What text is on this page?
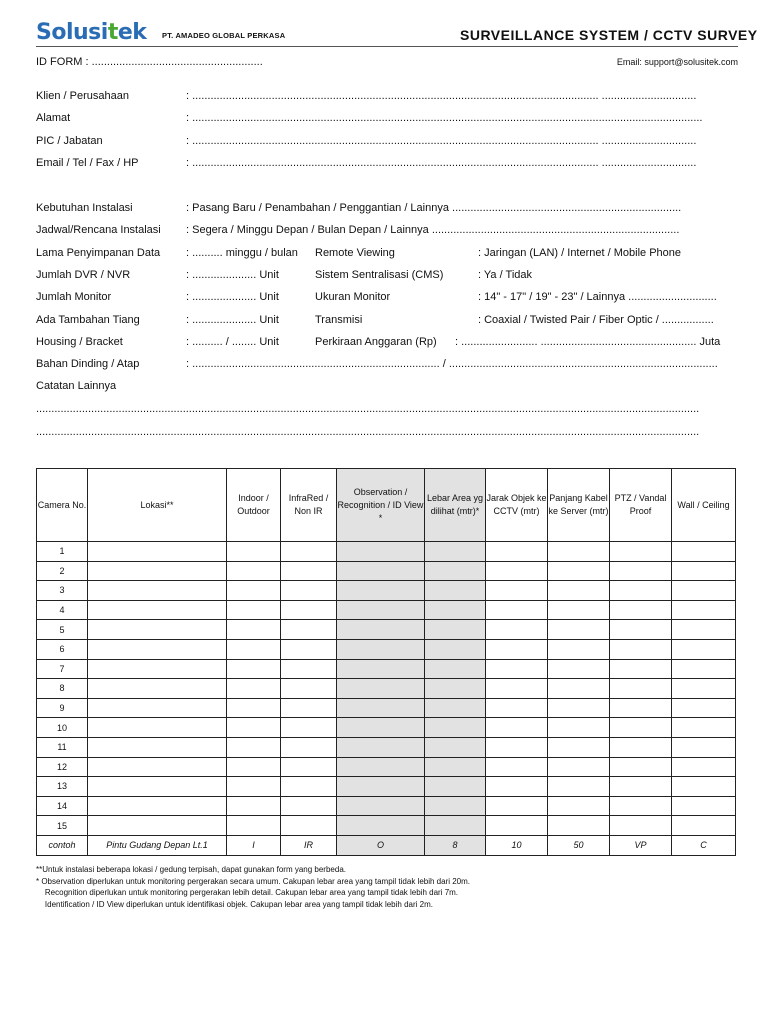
Solusitek PT. AMADEO GLOBAL PERKASA	SURVEILLANCE SYSTEM / CCTV SURVEY
ID FORM : ........................................................	Email: support@solusitek.com
Klien / Perusahaan	: ..................................................................................................................................... ...............................
Alamat	: .......................................................................................................................................................................
PIC / Jabatan	: ..................................................................................................................................... ...............................
Email / Tel / Fax / HP	: ..................................................................................................................................... ...............................
Kebutuhan Instalasi	: Pasang Baru / Penambahan / Penggantian / Lainnya ...........................................................................
Jadwal/Rencana Instalasi : Segera / Minggu Depan / Bulan Depan / Lainnya .................................................................................
Lama Penyimpanan Data : .......... minggu / bulan Remote Viewing	: Jaringan (LAN) / Internet / Mobile Phone
Jumlah DVR / NVR	: ..................... Unit	Sistem Sentralisasi (CMS)	: Ya / Tidak
Jumlah Monitor	: ..................... Unit	Ukuran Monitor	: 14" - 17" / 19" - 23" / Lainnya .............................
Ada Tambahan Tiang	: ..................... Unit	Transmisi	: Coaxial / Twisted Pair / Fiber Optic / .................
Housing / Bracket	: .......... / ........ Unit	Perkiraan Anggaran (Rp) : ......................... ................................................... Juta
Bahan Dinding / Atap	: ................................................................................. / ........................................................................................
Catatan Lainnya
.........................................................................................................................................................................................................................
.........................................................................................................................................................................................................................
Camera No.	Lokasi**	Indoor / Outdoor	InfraRed / Non IR	Observation / Recognition / ID View *	Lebar Area yg dilihat (mtr)*	Jarak Objek ke CCTV (mtr)	Panjang Kabel ke Server (mtr)	PTZ / Vandal Proof	Wall / Ceiling
1									
2									
3									
4									
5									
6									
7									
8									
9									
10									
11									
12									
13									
14									
15									
contoh	Pintu Gudang Depan Lt.1	I	IR	O	8	10	50	VP	C
**Untuk instalasi beberapa lokasi / gedung terpisah, dapat gunakan form yang berbeda.
* Observation diperlukan untuk monitoring pergerakan secara umum. Cakupan lebar area yang tampil tidak lebih dari 20m.
Recognition diperlukan untuk monitoring pergerakan lebih detail. Cakupan lebar area yang tampil tidak lebih dari 7m.
Identification / ID View diperlukan untuk identifikasi objek. Cakupan lebar area yang tampil tidak lebih dari 2m.
